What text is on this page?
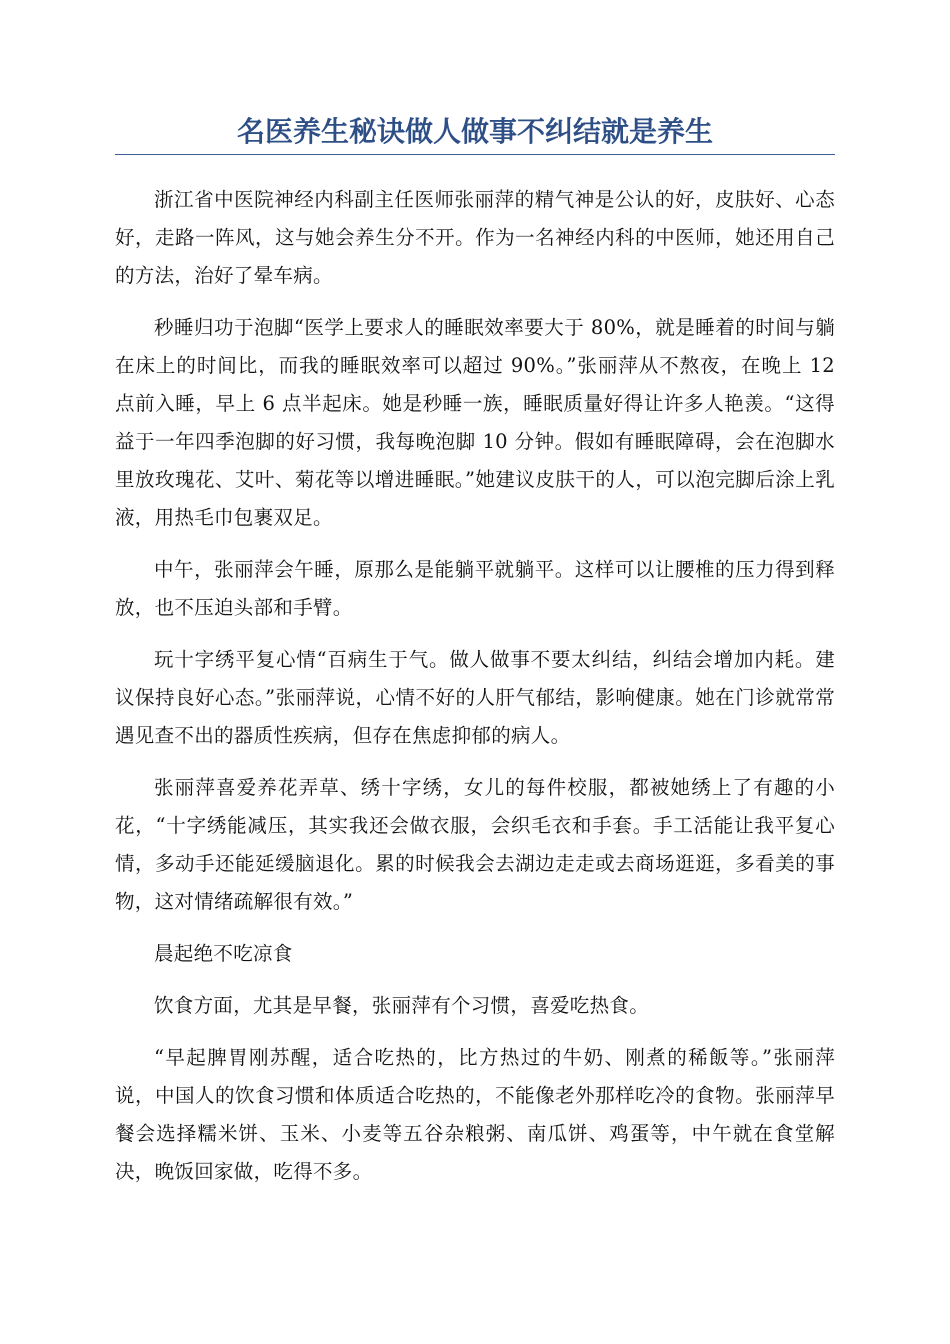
名医养生秘诀做人做事不纠结就是养生

浙江省中医院神经内科副主任医师张丽萍的精气神是公认的好，皮肤好、心态好，走路一阵风，这与她会养生分不开。作为一名神经内科的中医师，她还用自己的方法，治好了晕车病。

秒睡归功于泡脚“医学上要求人的睡眠效率要大于 80%，就是睡着的时间与躺在床上的时间比，而我的睡眠效率可以超过 90%。”张丽萍从不熬夜，在晚上 12 点前入睡，早上 6 点半起床。她是秒睡一族，睡眠质量好得让许多人艳羡。“这得益于一年四季泡脚的好习惯，我每晚泡脚 10 分钟。假如有睡眠障碍，会在泡脚水里放玫瑰花、艾叶、菊花等以增进睡眠。”她建议皮肤干的人，可以泡完脚后涂上乳液，用热毛巾包裹双足。

中午，张丽萍会午睡，原那么是能躺平就躺平。这样可以让腰椎的压力得到释放，也不压迫头部和手臂。

玩十字绣平复心情“百病生于气。做人做事不要太纠结，纠结会增加内耗。建议保持良好心态。”张丽萍说，心情不好的人肝气郁结，影响健康。她在门诊就常常遇见查不出的器质性疾病，但存在焦虑抑郁的病人。

张丽萍喜爱养花弄草、绣十字绣，女儿的每件校服，都被她绣上了有趣的小花，“十字绣能减压，其实我还会做衣服，会织毛衣和手套。手工活能让我平复心情，多动手还能延缓脑退化。累的时候我会去湖边走走或去商场逛逛，多看美的事物，这对情绪疏解很有效。”

晨起绝不吃凉食

饮食方面，尤其是早餐，张丽萍有个习惯，喜爱吃热食。

“早起脾胃刚苏醒，适合吃热的，比方热过的牛奶、刚煮的稀飯等。”张丽萍说，中国人的饮食习惯和体质适合吃热的，不能像老外那样吃冷的食物。张丽萍早餐会选择糯米饼、玉米、小麦等五谷杂粮粥、南瓜饼、鸡蛋等，中午就在食堂解决，晚饭回家做，吃得不多。
